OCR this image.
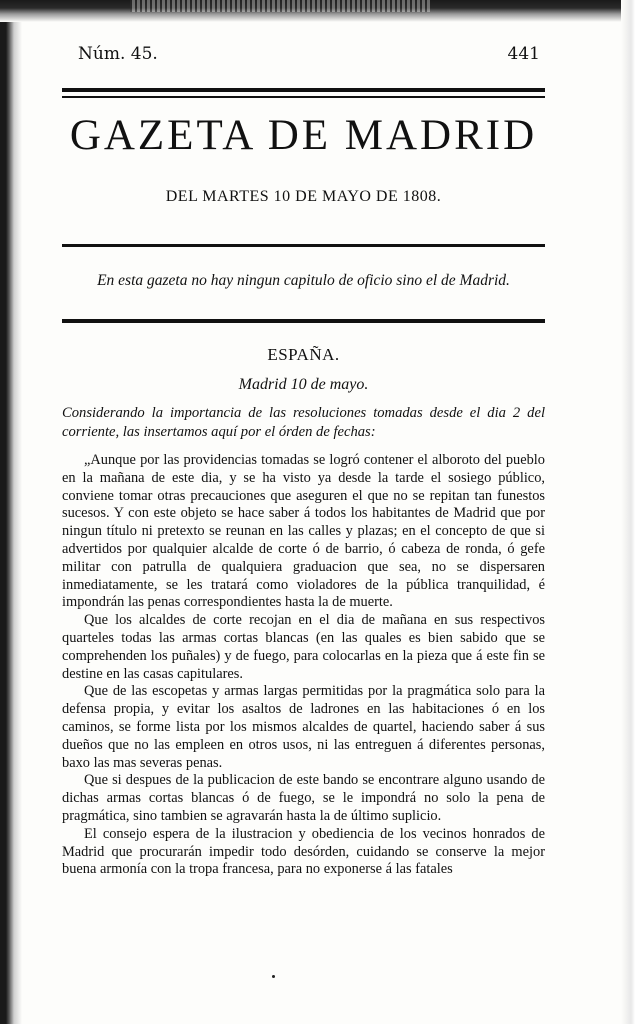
Núm. 45.	441
GAZETA DE MADRID
DEL MARTES 10 DE MAYO DE 1808.
En esta gazeta no hay ningun capitulo de oficio sino el de Madrid.
ESPAÑA.
Madrid 10 de mayo.
Considerando la importancia de las resoluciones tomadas desde el dia 2 del corriente, las insertamos aquí por el órden de fechas:

„Aunque por las providencias tomadas se logró contener el alboroto del pueblo en la mañana de este dia, y se ha visto ya desde la tarde el sosiego público, conviene tomar otras precauciones que aseguren el que no se repitan tan funestos sucesos. Y con este objeto se hace saber á todos los habitantes de Madrid que por ningun título ni pretexto se reunan en las calles y plazas; en el concepto de que si advertidos por qualquier alcalde de corte ó de barrio, ó cabeza de ronda, ó gefe militar con patrulla de qualquiera graduacion que sea, no se dispersaren inmediatamente, se les tratará como violadores de la pública tranquilidad, é impondrán las penas correspondientes hasta la de muerte.

Que los alcaldes de corte recojan en el dia de mañana en sus respectivos quarteles todas las armas cortas blancas (en las quales es bien sabido que se comprehenden los puñales) y de fuego, para colocarlas en la pieza que á este fin se destine en las casas capitulares.

Que de las escopetas y armas largas permitidas por la pragmática solo para la defensa propia, y evitar los asaltos de ladrones en las habitaciones ó en los caminos, se forme lista por los mismos alcaldes de quartel, haciendo saber á sus dueños que no las empleen en otros usos, ni las entreguen á diferentes personas, baxo las mas severas penas.

Que si despues de la publicacion de este bando se encontrare alguno usando de dichas armas cortas blancas ó de fuego, se le impondrá no solo la pena de pragmática, sino tambien se agravarán hasta la de último suplicio.

El consejo espera de la ilustracion y obediencia de los vecinos honrados de Madrid que procurarán impedir todo desórden, cuidando se conserve la mejor buena armonía con la tropa francesa, para no exponerse á las fatales
